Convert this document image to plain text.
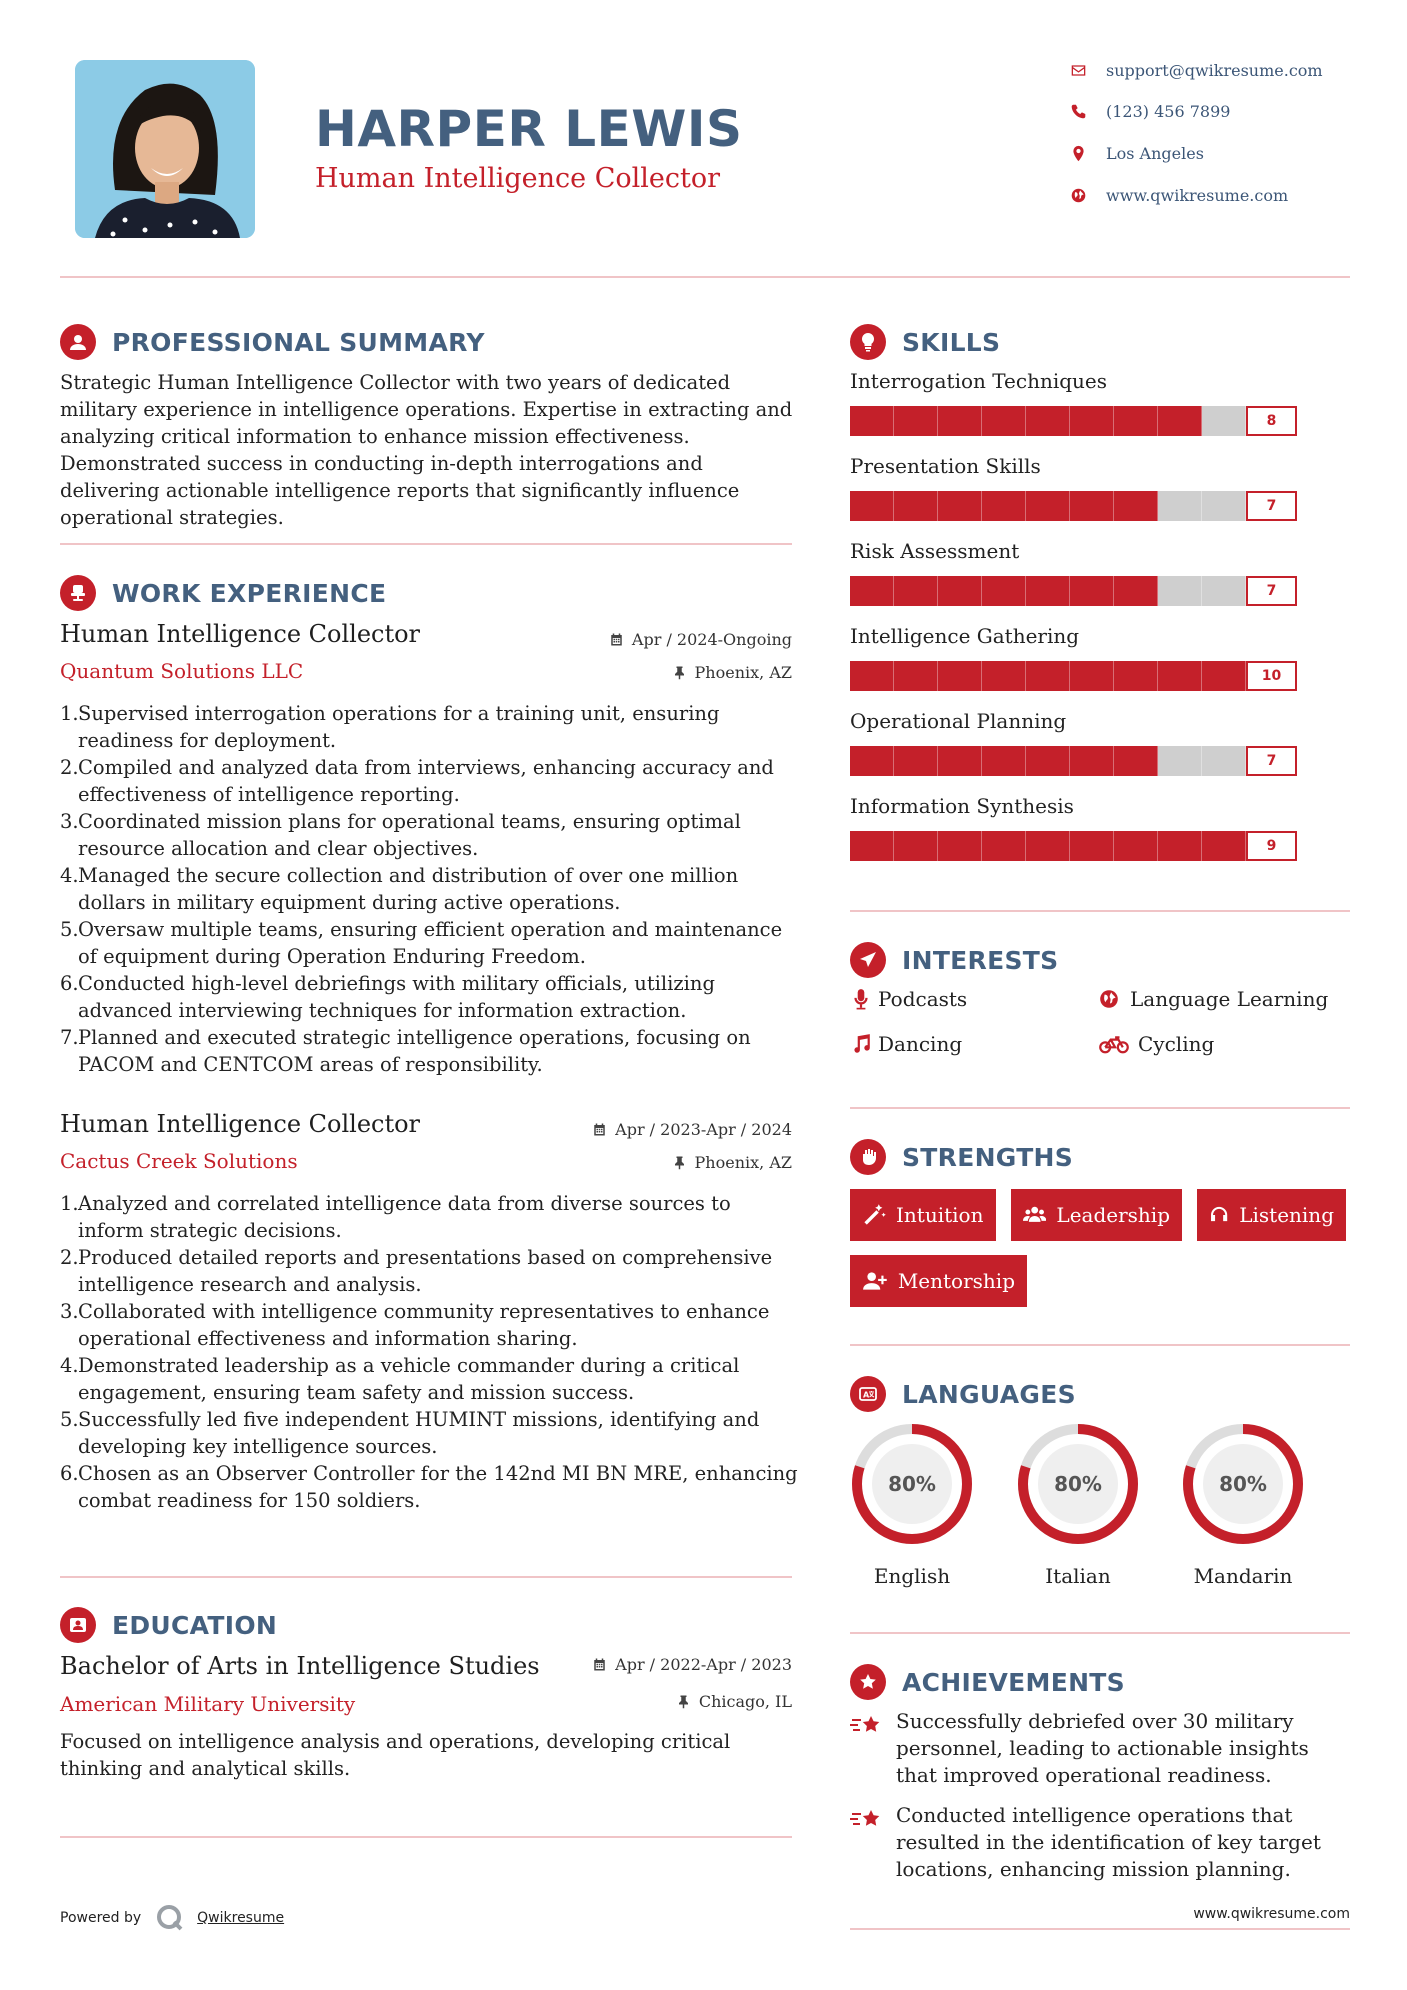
HARPER LEWIS
Human Intelligence Collector
support@qwikresume.com
(123) 456 7899
Los Angeles
www.qwikresume.com
PROFESSIONAL SUMMARY
Strategic Human Intelligence Collector with two years of dedicated military experience in intelligence operations. Expertise in extracting and analyzing critical information to enhance mission effectiveness. Demonstrated success in conducting in-depth interrogations and delivering actionable intelligence reports that significantly influence operational strategies.
WORK EXPERIENCE
Human Intelligence Collector	Apr / 2024-Ongoing
Quantum Solutions LLC	Phoenix, AZ
1. Supervised interrogation operations for a training unit, ensuring readiness for deployment.
2. Compiled and analyzed data from interviews, enhancing accuracy and effectiveness of intelligence reporting.
3. Coordinated mission plans for operational teams, ensuring optimal resource allocation and clear objectives.
4. Managed the secure collection and distribution of over one million dollars in military equipment during active operations.
5. Oversaw multiple teams, ensuring efficient operation and maintenance of equipment during Operation Enduring Freedom.
6. Conducted high-level debriefings with military officials, utilizing advanced interviewing techniques for information extraction.
7. Planned and executed strategic intelligence operations, focusing on PACOM and CENTCOM areas of responsibility.
Human Intelligence Collector	Apr / 2023-Apr / 2024
Cactus Creek Solutions	Phoenix, AZ
1. Analyzed and correlated intelligence data from diverse sources to inform strategic decisions.
2. Produced detailed reports and presentations based on comprehensive intelligence research and analysis.
3. Collaborated with intelligence community representatives to enhance operational effectiveness and information sharing.
4. Demonstrated leadership as a vehicle commander during a critical engagement, ensuring team safety and mission success.
5. Successfully led five independent HUMINT missions, identifying and developing key intelligence sources.
6. Chosen as an Observer Controller for the 142nd MI BN MRE, enhancing combat readiness for 150 soldiers.
EDUCATION
Bachelor of Arts in Intelligence Studies	Apr / 2022-Apr / 2023
American Military University	Chicago, IL
Focused on intelligence analysis and operations, developing critical thinking and analytical skills.
Powered by	Qwikresume
SKILLS
Interrogation Techniques
8
Presentation Skills
7
Risk Assessment
7
Intelligence Gathering
10
Operational Planning
7
Information Synthesis
9
INTERESTS
Podcasts	Language Learning
Dancing	Cycling
STRENGTHS
Intuition	Leadership	Listening
Mentorship
A LANGUAGES
80%
English
80%
Italian
80%
Mandarin
ACHIEVEMENTS
Successfully debriefed over 30 military personnel, leading to actionable insights that improved operational readiness.
Conducted intelligence operations that resulted in the identification of key target locations, enhancing mission planning.
www.qwikresume.com
